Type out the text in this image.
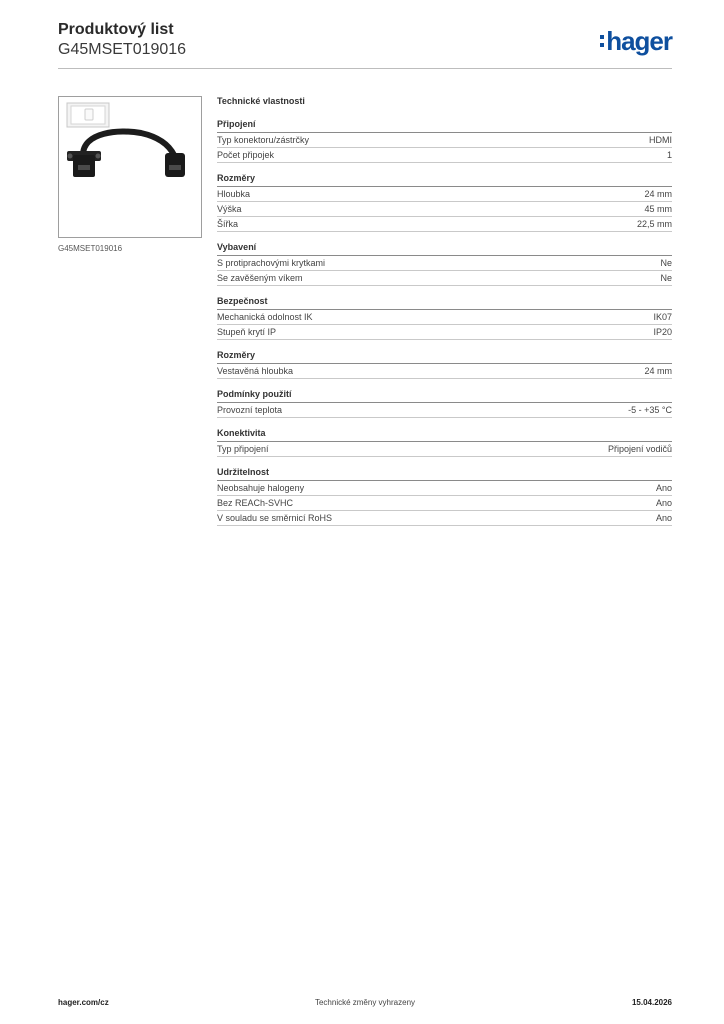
Produktový list
G45MSET019016	hager
G45MSET019016
Technické vlastnosti
Připojení
Typ konektoru/zástrčky	HDMI
Počet připojek	1
Rozměry
Hloubka	24 mm
Výška	45 mm
Šířka	22,5 mm
Vybavení
S protiprachovými krytkami	Ne
Se zavěšeným víkem	Ne
Bezpečnost
Mechanická odolnost IK	IK07
Stupeň krytí IP	IP20
Rozměry
Vestavěná hloubka	24 mm
Podmínky použití
Provozní teplota	-5 - +35 °C
Konektivita
Typ připojení	Připojení vodičů
Udržitelnost
Neobsahuje halogeny	Ano
Bez REACh-SVHC	Ano
V souladu se směrnicí RoHS	Ano
hager.com/cz	Technické změny vyhrazeny	15.04.2026
